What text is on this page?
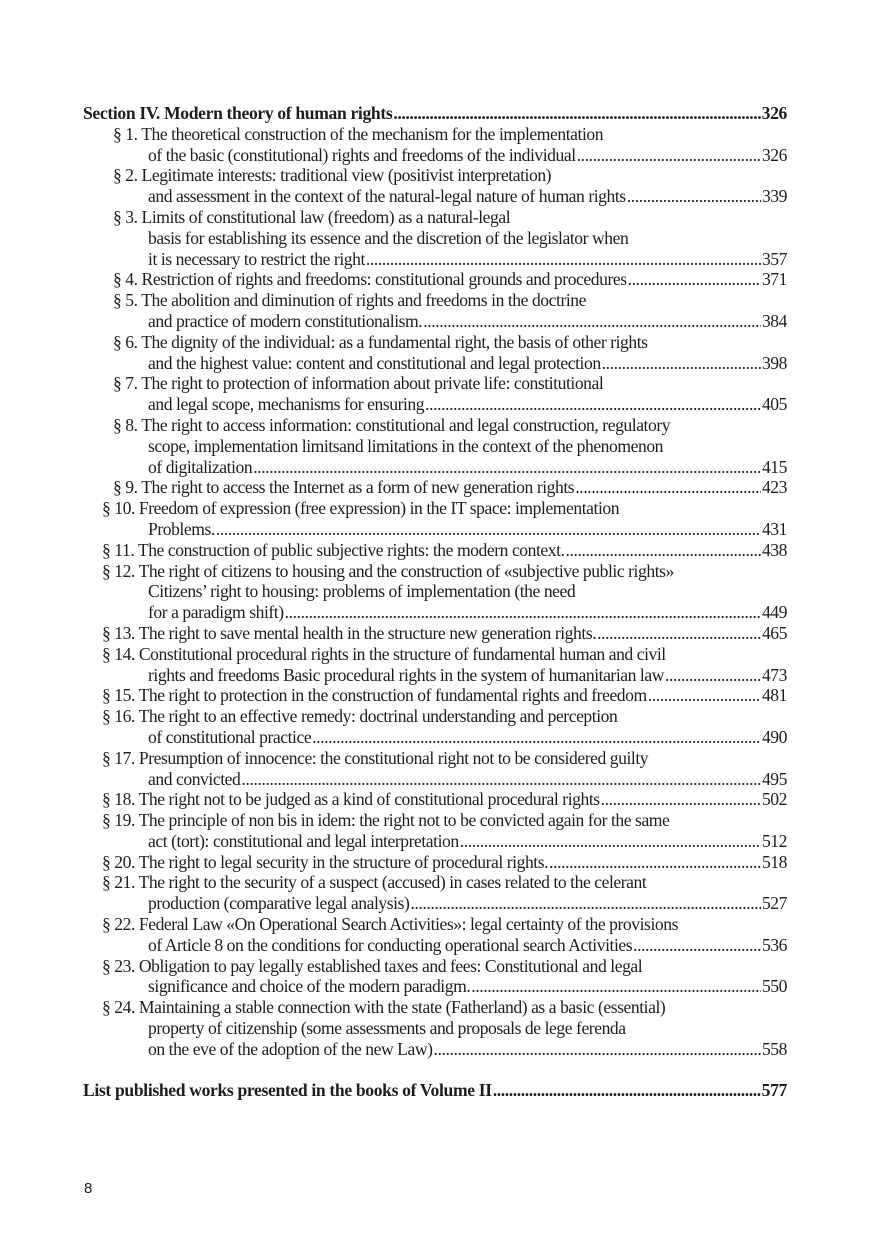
Section IV. Modern theory of human rights .....	326
§ 1. The theoretical construction of the mechanism for the implementation
of the basic (constitutional) rights and freedoms of the individual .....	326
§ 2. Legitimate interests: traditional view (positivist interpretation)
and assessment in the context of the natural-legal nature of human rights .....	339
§ 3. Limits of constitutional law (freedom) as a natural-legal
basis for establishing its essence and the discretion of the legislator when
it is necessary to restrict the right .....	357
§ 4. Restriction of rights and freedoms: constitutional grounds and procedures .....	371
§ 5. The abolition and diminution of rights and freedoms in the doctrine
and practice of modern constitutionalism. .....	384
§ 6. The dignity of the individual: as a fundamental right, the basis of other rights
and the highest value: content and constitutional and legal protection .....	398
§ 7. The right to protection of information about private life: constitutional
and legal scope, mechanisms for ensuring .....	405
§ 8. The right to access information: constitutional and legal construction, regulatory
scope, implementation limitsand limitations in the context of the phenomenon
of digitalization .....	415
§ 9. The right to access the Internet as a form of new generation rights .....	423
§ 10. Freedom of expression (free expression) in the IT space: implementation
Problems. .....	431
§ 11. The construction of public subjective rights: the modern context. .....	438
§ 12. The right of citizens to housing and the construction of «subjective public rights»
Citizens’ right to housing: problems of implementation (the need
for a paradigm shift) .....	449
§ 13. The right to save mental health in the structure new generation rights. .....	465
§ 14. Constitutional procedural rights in the structure of fundamental human and civil
rights and freedoms Basic procedural rights in the system of humanitarian law .....	473
§ 15. The right to protection in the construction of fundamental rights and freedom .....	481
§ 16. The right to an effective remedy: doctrinal understanding and perception
of constitutional practice .....	490
§ 17. Presumption of innocence: the constitutional right not to be considered guilty
and convicted .....	495
§ 18. The right not to be judged as a kind of constitutional procedural rights .....	502
§ 19. The principle of non bis in idem: the right not to be convicted again for the same
act (tort): constitutional and legal interpretation .....	512
§ 20. The right to legal security in the structure of procedural rights. .....	518
§ 21. The right to the security of a suspect (accused) in cases related to the celerant
production (comparative legal analysis) .....	527
§ 22. Federal Law «On Operational Search Activities»: legal certainty of the provisions
of Article 8 on the conditions for conducting operational search Activities .....	536
§ 23. Obligation to pay legally established taxes and fees: Constitutional and legal
significance and choice of the modern paradigm. .....	550
§ 24. Maintaining a stable connection with the state (Fatherland) as a basic (essential)
property of citizenship (some assessments and proposals de lege ferenda
on the eve of the adoption of the new Law) .....	558
List published works presented in the books of Volume II .....	577
8
